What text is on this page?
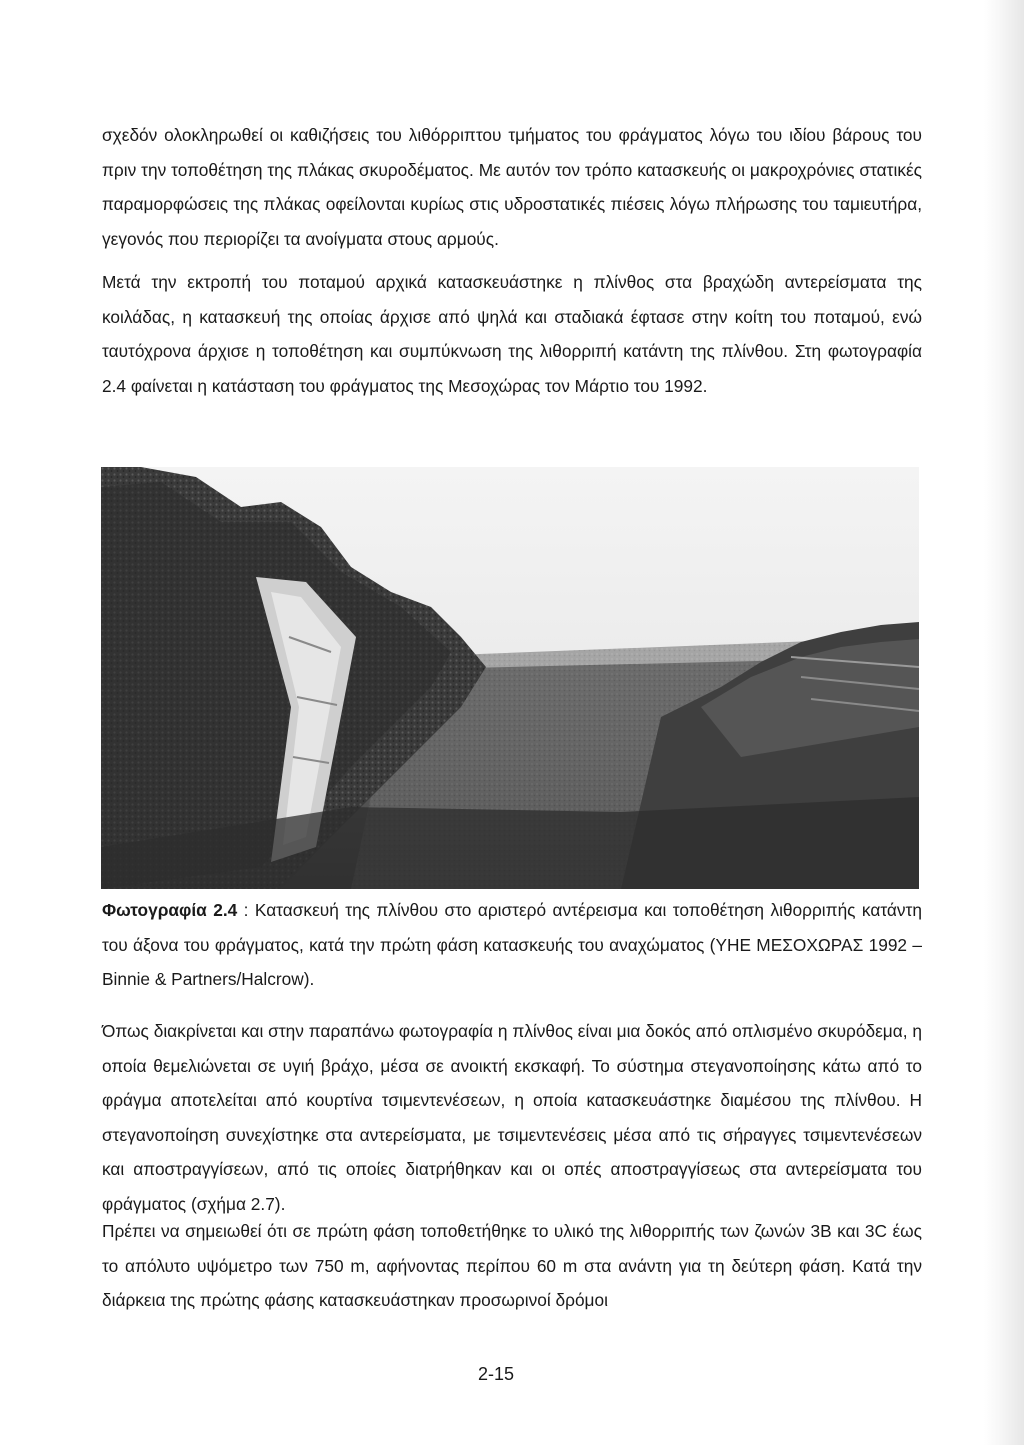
σχεδόν ολοκληρωθεί οι καθιζήσεις του λιθόρριπτου τμήματος του φράγματος λόγω του ιδίου βάρους του πριν την τοποθέτηση της πλάκας σκυροδέματος. Με αυτόν τον τρόπο κατασκευής οι μακροχρόνιες στατικές παραμορφώσεις της πλάκας οφείλονται κυρίως στις υδροστατικές πιέσεις λόγω πλήρωσης του ταμιευτήρα, γεγονός που περιορίζει τα ανοίγματα στους αρμούς.

Μετά την εκτροπή του ποταμού αρχικά κατασκευάστηκε η πλίνθος στα βραχώδη αντερείσματα της κοιλάδας, η κατασκευή της οποίας άρχισε από ψηλά και σταδιακά έφτασε στην κοίτη του ποταμού, ενώ ταυτόχρονα άρχισε η τοποθέτηση και συμπύκνωση της λιθορριπή κατάντη της πλίνθου. Στη φωτογραφία 2.4 φαίνεται η κατάσταση του φράγματος της Μεσοχώρας τον Μάρτιο του 1992.

Φωτογραφία 2.4 : Κατασκευή της πλίνθου στο αριστερό αντέρεισμα και τοποθέτηση λιθορριπής κατάντη του άξονα του φράγματος, κατά την πρώτη φάση κατασκευής του αναχώματος (ΥΗΕ ΜΕΣΟΧΩΡΑΣ 1992 – Binnie & Partners/Halcrow).

Όπως διακρίνεται και στην παραπάνω φωτογραφία η πλίνθος είναι μια δοκός από οπλισμένο σκυρόδεμα, η οποία θεμελιώνεται σε υγιή βράχο, μέσα σε ανοικτή εκσκαφή. Το σύστημα στεγανοποίησης κάτω από το φράγμα αποτελείται από κουρτίνα τσιμεντενέσεων, η οποία κατασκευάστηκε διαμέσου της πλίνθου. Η στεγανοποίηση συνεχίστηκε στα αντερείσματα, με τσιμεντενέσεις μέσα από τις σήραγγες τσιμεντενέσεων και αποστραγγίσεων, από τις οποίες διατρήθηκαν και οι οπές αποστραγγίσεως στα αντερείσματα του φράγματος (σχήμα 2.7).

Πρέπει να σημειωθεί ότι σε πρώτη φάση τοποθετήθηκε το υλικό της λιθορριπής των ζωνών 3B και 3C έως το απόλυτο υψόμετρο των 750 m, αφήνοντας περίπου 60 m στα ανάντη για τη δεύτερη φάση. Κατά την διάρκεια της πρώτης φάσης κατασκευάστηκαν προσωρινοί δρόμοι

2-15
